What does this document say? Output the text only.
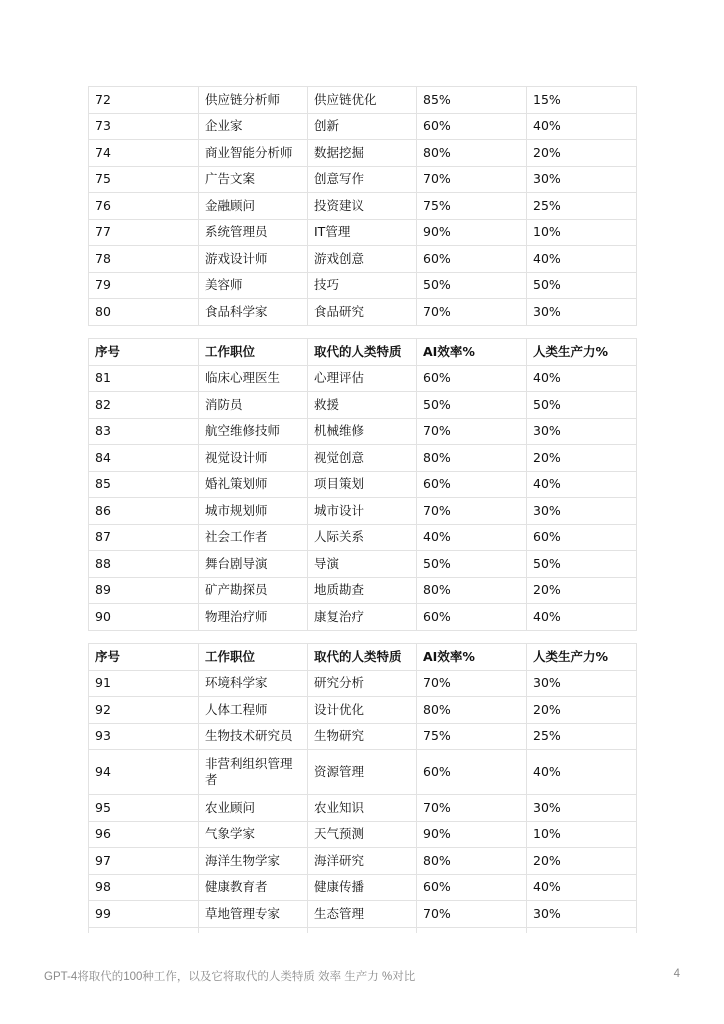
72	供应链分析师	供应链优化	85%	15%
73	企业家	创新	60%	40%
74	商业智能分析师	数据挖掘	80%	20%
75	广告文案	创意写作	70%	30%
76	金融顾问	投资建议	75%	25%
77	系统管理员	IT管理	90%	10%
78	游戏设计师	游戏创意	60%	40%
79	美容师	技巧	50%	50%
80	食品科学家	食品研究	70%	30%
序号	工作职位	取代的人类特质	AI效率%	人类生产力%
81	临床心理医生	心理评估	60%	40%
82	消防员	救援	50%	50%
83	航空维修技师	机械维修	70%	30%
84	视觉设计师	视觉创意	80%	20%
85	婚礼策划师	项目策划	60%	40%
86	城市规划师	城市设计	70%	30%
87	社会工作者	人际关系	40%	60%
88	舞台剧导演	导演	50%	50%
89	矿产勘探员	地质勘查	80%	20%
90	物理治疗师	康复治疗	60%	40%
序号	工作职位	取代的人类特质	AI效率%	人类生产力%
91	环境科学家	研究分析	70%	30%
92	人体工程师	设计优化	80%	20%
93	生物技术研究员	生物研究	75%	25%
94	非营利组织管理者	资源管理	60%	40%
95	农业顾问	农业知识	70%	30%
96	气象学家	天气预测	90%	10%
97	海洋生物学家	海洋研究	80%	20%
98	健康教育者	健康传播	60%	40%
99	草地管理专家	生态管理	70%	30%

GPT-4将取代的100种工作，以及它将取代的人类特质 效率 生产力 %对比	4
